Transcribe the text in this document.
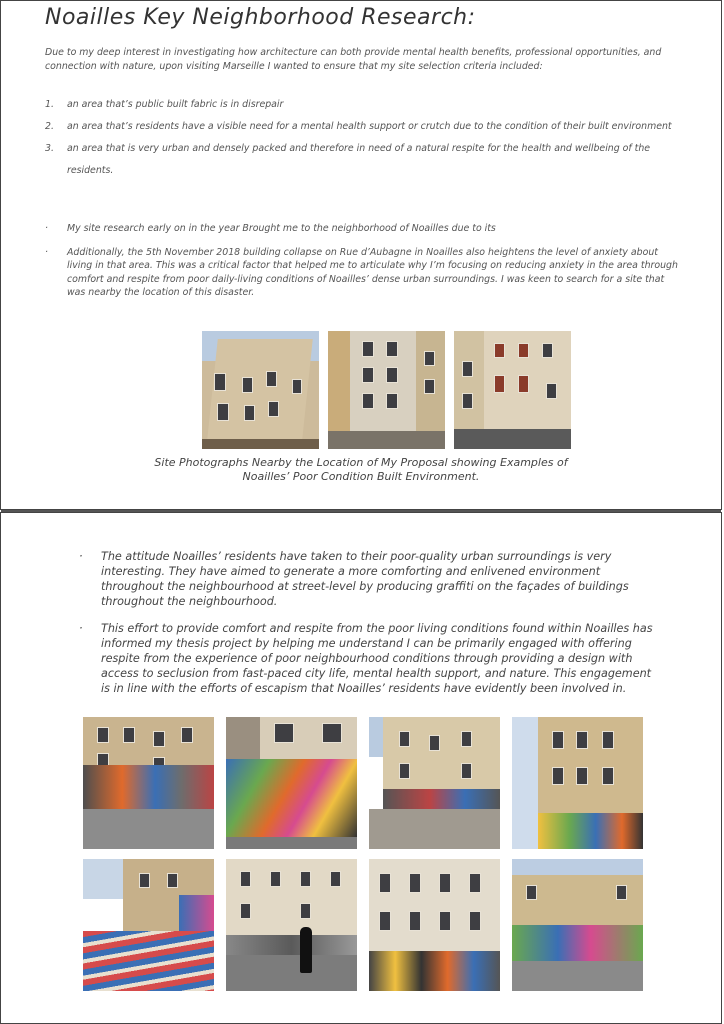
Noailles Key Neighborhood Research:

Due to my deep interest in investigating how architecture can both provide mental health benefits, professional opportunities, and connection with nature, upon visiting Marseille I wanted to ensure that my site selection criteria included:

1. an area that’s public built fabric is in disrepair
2. an area that’s residents have a visible need for a mental health support or crutch due to the condition of their built environment
3. an area that is very urban and densely packed and therefore in need of a natural respite for the health and wellbeing of the residents.
· My site research early on in the year Brought me to the neighborhood of Noailles due to its
· Additionally, the 5th November 2018 building collapse on Rue d’Aubagne in Noailles also heightens the level of anxiety about living in that area. This was a critical factor that helped me to articulate why I’m focusing on reducing anxiety in the area through comfort and respite from poor daily-living conditions of Noailles’ dense urban surroundings. I was keen to search for a site that was nearby the location of this disaster.

Site Photographs Nearby the Location of My Proposal showing Examples of Noailles’ Poor Condition Built Environment.

· The attitude Noailles’ residents have taken to their poor-quality urban surroundings is very interesting. They have aimed to generate a more comforting and enlivened environment throughout the neighbourhood at street-level by producing graffiti on the façades of buildings throughout the neighbourhood.
· This effort to provide comfort and respite from the poor living conditions found within Noailles has informed my thesis project by helping me understand I can be primarily engaged with offering respite from the experience of poor neighbourhood conditions through providing a design with access to seclusion from fast-paced city life, mental health support, and nature. This engagement is in line with the efforts of escapism that Noailles’ residents have evidently been involved in.
